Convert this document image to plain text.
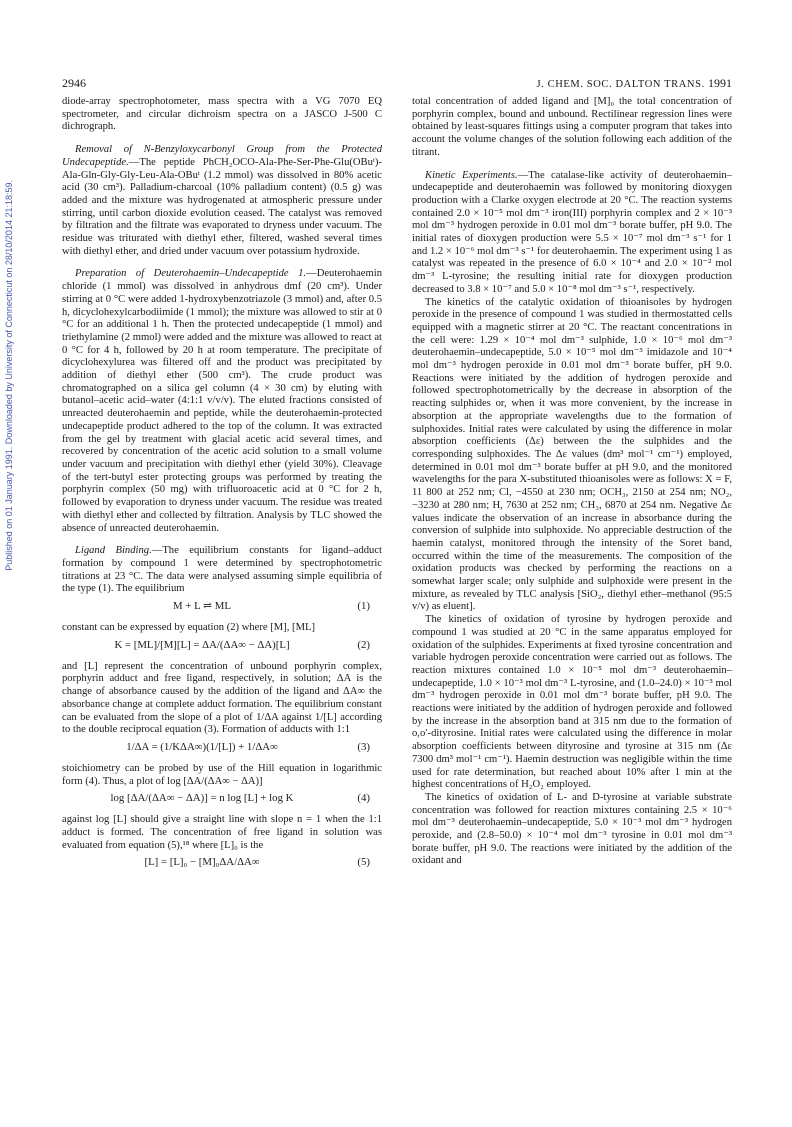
2946	J. CHEM. SOC. DALTON TRANS. 1991
Published on 01 January 1991. Downloaded by University of Connecticut on 28/10/2014 21:18:59.

diode-array spectrophotometer, mass spectra with a VG 7070 EQ spectrometer, and circular dichroism spectra on a JASCO J-500 C dichrograph.

Removal of N-Benzyloxycarbonyl Group from the Protected Undecapeptide.—The peptide PhCH₂OCO-Ala-Phe-Ser-Phe-Glu(OBuᵗ)-Ala-Gln-Gly-Gly-Leu-Ala-OBuᵗ (1.2 mmol) was dissolved in 80% acetic acid (30 cm³). Palladium-charcoal (10% palladium content) (0.5 g) was added and the mixture was hydrogenated at atmospheric pressure under stirring, until carbon dioxide evolution ceased. The catalyst was removed by filtration and the filtrate was evaporated to dryness under vacuum. The residue was triturated with diethyl ether, filtered, washed several times with diethyl ether, and dried under vacuum over potassium hydroxide.

Preparation of Deuterohaemin–Undecapeptide 1.—Deuterohaemin chloride (1 mmol) was dissolved in anhydrous dmf (20 cm³). Under stirring at 0 °C were added 1-hydroxybenzotriazole (3 mmol) and, after 0.5 h, dicyclohexylcarbodiimide (1 mmol); the mixture was allowed to stir at 0 °C for an additional 1 h. Then the protected undecapeptide (1 mmol) and triethylamine (2 mmol) were added and the mixture was allowed to react at 0 °C for 4 h, followed by 20 h at room temperature. The precipitate of dicyclohexylurea was filtered off and the product was precipitated by addition of diethyl ether (500 cm³). The crude product was chromatographed on a silica gel column (4 × 30 cm) by eluting with butanol–acetic acid–water (4:1:1 v/v/v). The eluted fractions consisted of unreacted deuterohaemin and peptide, while the deuterohaemin-protected undecapeptide product adhered to the top of the column. It was extracted from the gel by treatment with glacial acetic acid several times, and recovered by concentration of the acetic acid solution to a small volume under vacuum and precipitation with diethyl ether (yield 30%). Cleavage of the tert-butyl ester protecting groups was performed by treating the porphyrin complex (50 mg) with trifluoroacetic acid at 0 °C for 2 h, followed by evaporation to dryness under vacuum. The residue was treated with diethyl ether and collected by filtration. Analysis by TLC showed the absence of unreacted deuterohaemin.

Ligand Binding.—The equilibrium constants for ligand–adduct formation by compound 1 were determined by spectrophotometric titrations at 23 °C. The data were analysed assuming simple equilibria of the type (1). The equilibrium

M + L ⇌ ML	(1)

constant can be expressed by equation (2) where [M], [ML]

K = [ML]/[M][L] = ΔA/(ΔA∞ − ΔA)[L]	(2)

and [L] represent the concentration of unbound porphyrin complex, porphyrin adduct and free ligand, respectively, in solution; ΔA is the change of absorbance caused by the addition of the ligand and ΔA∞ the absorbance change at complete adduct formation. The equilibrium constant can be evaluated from the slope of a plot of 1/ΔA against 1/[L] according to the double reciprocal equation (3). Formation of adducts with 1:1

1/ΔA = (1/KΔA∞)(1/[L]) + 1/ΔA∞	(3)

stoichiometry can be probed by use of the Hill equation in logarithmic form (4). Thus, a plot of log [ΔA/(ΔA∞ − ΔA)]

log [ΔA/(ΔA∞ − ΔA)] = n log [L] + log K	(4)

against log [L] should give a straight line with slope n = 1 when the 1:1 adduct is formed. The concentration of free ligand in solution was evaluated from equation (5),¹⁸ where [L]₀ is the

[L] = [L]₀ − [M]₀ΔA/ΔA∞	(5)

total concentration of added ligand and [M]₀ the total concentration of porphyrin complex, bound and unbound. Rectilinear regression lines were obtained by least-squares fittings using a computer program that takes into account the volume changes of the solution following each addition of the titrant.

Kinetic Experiments.—The catalase-like activity of deuterohaemin–undecapeptide and deuterohaemin was followed by monitoring dioxygen production with a Clarke oxygen electrode at 20 °C. The reaction systems contained 2.0 × 10⁻⁵ mol dm⁻³ iron(III) porphyrin complex and 2 × 10⁻³ mol dm⁻³ hydrogen peroxide in 0.01 mol dm⁻³ borate buffer, pH 9.0. The initial rates of dioxygen production were 5.5 × 10⁻⁷ mol dm⁻³ s⁻¹ for 1 and 1.2 × 10⁻⁶ mol dm⁻³ s⁻¹ for deuterohaemin. The experiment using 1 as catalyst was repeated in the presence of 6.0 × 10⁻⁴ and 2.0 × 10⁻² mol dm⁻³ L-tyrosine; the resulting initial rate for dioxygen production decreased to 3.8 × 10⁻⁷ and 5.0 × 10⁻⁸ mol dm⁻³ s⁻¹, respectively.

The kinetics of the catalytic oxidation of thioanisoles by hydrogen peroxide in the presence of compound 1 was studied in thermostatted cells equipped with a magnetic stirrer at 20 °C. The reactant concentrations in the cell were: 1.29 × 10⁻⁴ mol dm⁻³ sulphide, 1.0 × 10⁻⁶ mol dm⁻³ deuterohaemin–undecapeptide, 5.0 × 10⁻⁵ mol dm⁻³ imidazole and 10⁻⁴ mol dm⁻³ hydrogen peroxide in 0.01 mol dm⁻³ borate buffer, pH 9.0. Reactions were initiated by the addition of hydrogen peroxide and followed spectrophotometrically by the decrease in absorption of the reacting sulphides or, when it was more convenient, by the increase in absorption at the appropriate wavelengths due to the formation of sulphoxides. Initial rates were calculated by using the difference in molar absorption coefficients (Δε) between the the sulphides and the corresponding sulphoxides. The Δε values (dm³ mol⁻¹ cm⁻¹) employed, determined in 0.01 mol dm⁻³ borate buffer at pH 9.0, and the monitored wavelengths for the para X-substituted thioanisoles were as follows: X = F, 11 800 at 252 nm; Cl, −4550 at 230 nm; OCH₃, 2150 at 254 nm; NO₂, −3230 at 280 nm; H, 7630 at 252 nm; CH₃, 6870 at 254 nm. Negative Δε values indicate the observation of an increase in absorbance during the conversion of sulphide into sulphoxide. No appreciable destruction of the haemin catalyst, monitored through the intensity of the Soret band, occurred within the time of the measurements. The composition of the oxidation products was checked by performing the reactions on a somewhat larger scale; only sulphide and sulphoxide were present in the mixture, as revealed by TLC analysis [SiO₂, diethyl ether–methanol (95:5 v/v) as eluent].

The kinetics of oxidation of tyrosine by hydrogen peroxide and compound 1 was studied at 20 °C in the same apparatus employed for oxidation of the sulphides. Experiments at fixed tyrosine concentration and variable hydrogen peroxide concentration were carried out as follows. The reaction mixtures contained 1.0 × 10⁻⁵ mol dm⁻³ deuterohaemin–undecapeptide, 1.0 × 10⁻³ mol dm⁻³ L-tyrosine, and (1.0–24.0) × 10⁻³ mol dm⁻³ hydrogen peroxide in 0.01 mol dm⁻³ borate buffer, pH 9.0. The reactions were initiated by the addition of hydrogen peroxide and followed by the increase in the absorption band at 315 nm due to the formation of o,o′-dityrosine. Initial rates were calculated using the difference in molar absorption coefficients between dityrosine and tyrosine at 315 nm (Δε 7300 dm³ mol⁻¹ cm⁻¹). Haemin destruction was negligible within the time used for rate determination, but reached about 10% after 1 min at the highest concentrations of H₂O₂ employed.

The kinetics of oxidation of L- and D-tyrosine at variable substrate concentration was followed for reaction mixtures containing 2.5 × 10⁻⁶ mol dm⁻³ deuterohaemin–undecapeptide, 5.0 × 10⁻³ mol dm⁻³ hydrogen peroxide, and (2.8–50.0) × 10⁻⁴ mol dm⁻³ tyrosine in 0.01 mol dm⁻³ borate buffer, pH 9.0. The reactions were initiated by the addition of the oxidant and
